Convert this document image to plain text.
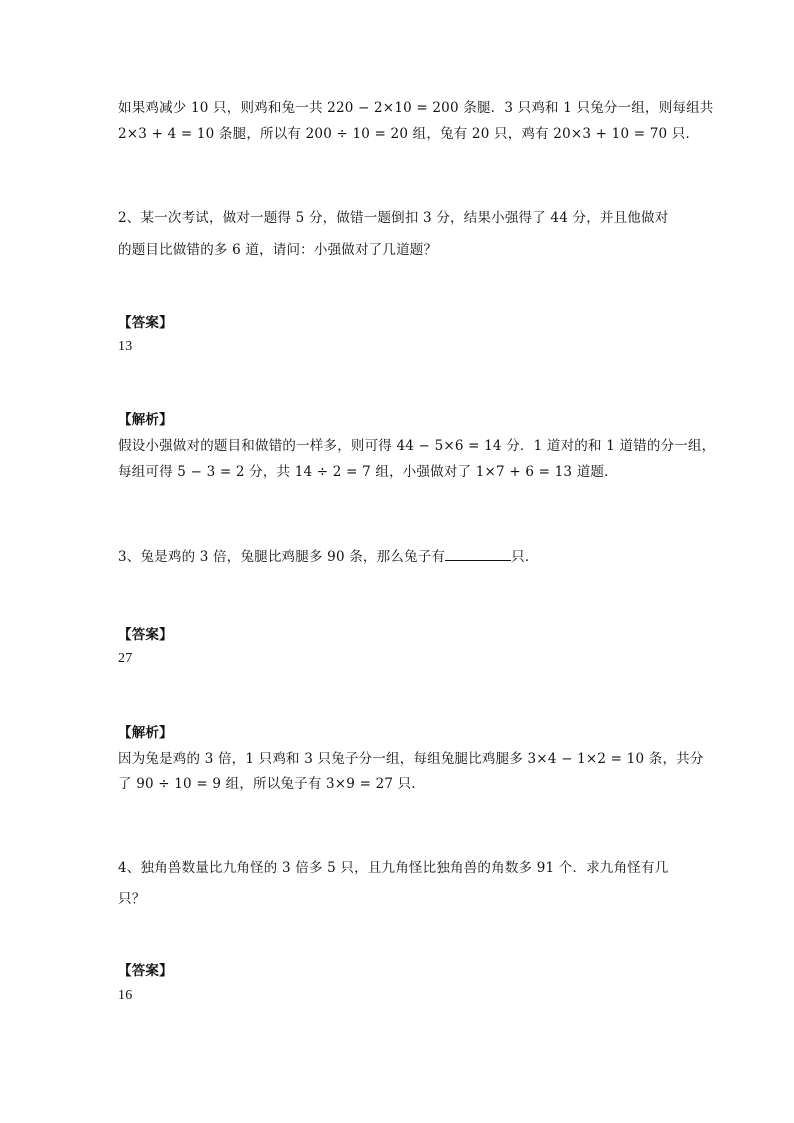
如果鸡减少 10 只，则鸡和兔一共 220 − 2×10 = 200 条腿．3 只鸡和 1 只兔分一组，则每组共
2×3 + 4 = 10 条腿，所以有 200 ÷ 10 = 20 组，兔有 20 只，鸡有 20×3 + 10 = 70 只．
2、某一次考试，做对一题得 5 分，做错一题倒扣 3 分，结果小强得了 44 分，并且他做对
的题目比做错的多 6 道，请问：小强做对了几道题？
【答案】
13
【解析】
假设小强做对的题目和做错的一样多，则可得 44 − 5×6 = 14 分．1 道对的和 1 道错的分一组，
每组可得 5 − 3 = 2 分，共 14 ÷ 2 = 7 组，小强做对了 1×7 + 6 = 13 道题．
3、兔是鸡的 3 倍，兔腿比鸡腿多 90 条，那么兔子有	只．
【答案】
27
【解析】
因为兔是鸡的 3 倍，1 只鸡和 3 只兔子分一组，每组兔腿比鸡腿多 3×4 − 1×2 = 10 条，共分
了 90 ÷ 10 = 9 组，所以兔子有 3×9 = 27 只．
4、独角兽数量比九角怪的 3 倍多 5 只，且九角怪比独角兽的角数多 91 个．求九角怪有几
只？
【答案】
16
